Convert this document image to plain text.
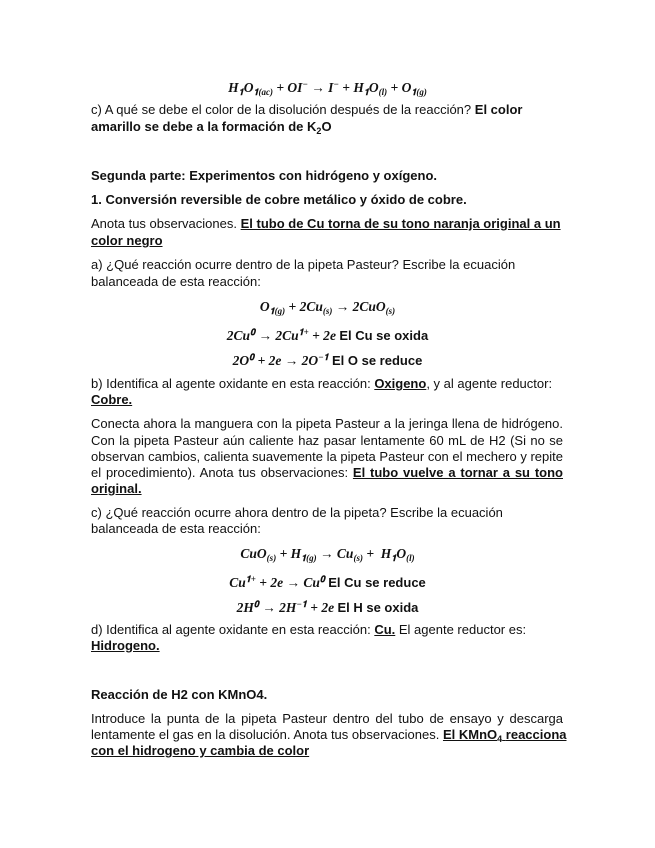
$H_𝟏O_{𝟏(ac)} + OI^- \to I^- + H_𝟏O_{(l)} + O_{𝟏(g)}$
c) A qué se debe el color de la disolución después de la reacción? El color
amarillo se debe a la formación de $K_2O$
Segunda parte: Experimentos con hidrógeno y oxígeno.
1. Conversión reversible de cobre metálico y óxido de cobre.
Anota tus observaciones. El tubo de Cu torna de su tono naranja original a un
color negro
a) ¿Qué reacción ocurre dentro de la pipeta Pasteur? Escribe la ecuación
balanceada de esta reacción:
$O_{𝟏(g)} + 2Cu_{(s)} \to 2CuO_{(s)}$
$2Cu^𝟎 \to 2Cu^{𝟏+} + 2e$ El Cu se oxida
$2O^𝟎 + 2e \to 2O^{-𝟏}$ El O se reduce
b) Identifica al agente oxidante en esta reacción: Oxigeno, y al agente reductor:
Cobre.
Conecta ahora la manguera con la pipeta Pasteur a la jeringa llena de hidrógeno.
Con la pipeta Pasteur aún caliente haz pasar lentamente 60 mL de H2 (Si no se
observan cambios, calienta suavemente la pipeta Pasteur con el mechero y repite
el procedimiento). Anota tus observaciones: El tubo vuelve a tornar a su tono
original.
c) ¿Qué reacción ocurre ahora dentro de la pipeta? Escribe la ecuación
balanceada de esta reacción:
$CuO_{(s)} + H_{𝟏(g)} \to Cu_{(s)} + H_𝟏O_{(l)}$
$Cu^{𝟏+} + 2e \to Cu^𝟎$ El Cu se reduce
$2H^𝟎 \to 2H^{-𝟏} + 2e$ El H se oxida
d) Identifica al agente oxidante en esta reacción: Cu. El agente reductor es:
Hidrogeno.
Reacción de H2 con KMnO4.
Introduce la punta de la pipeta Pasteur dentro del tubo de ensayo y descarga
lentamente el gas en la disolución. Anota tus observaciones. El KMnO$_4$ reacciona
con el hidrogeno y cambia de color
